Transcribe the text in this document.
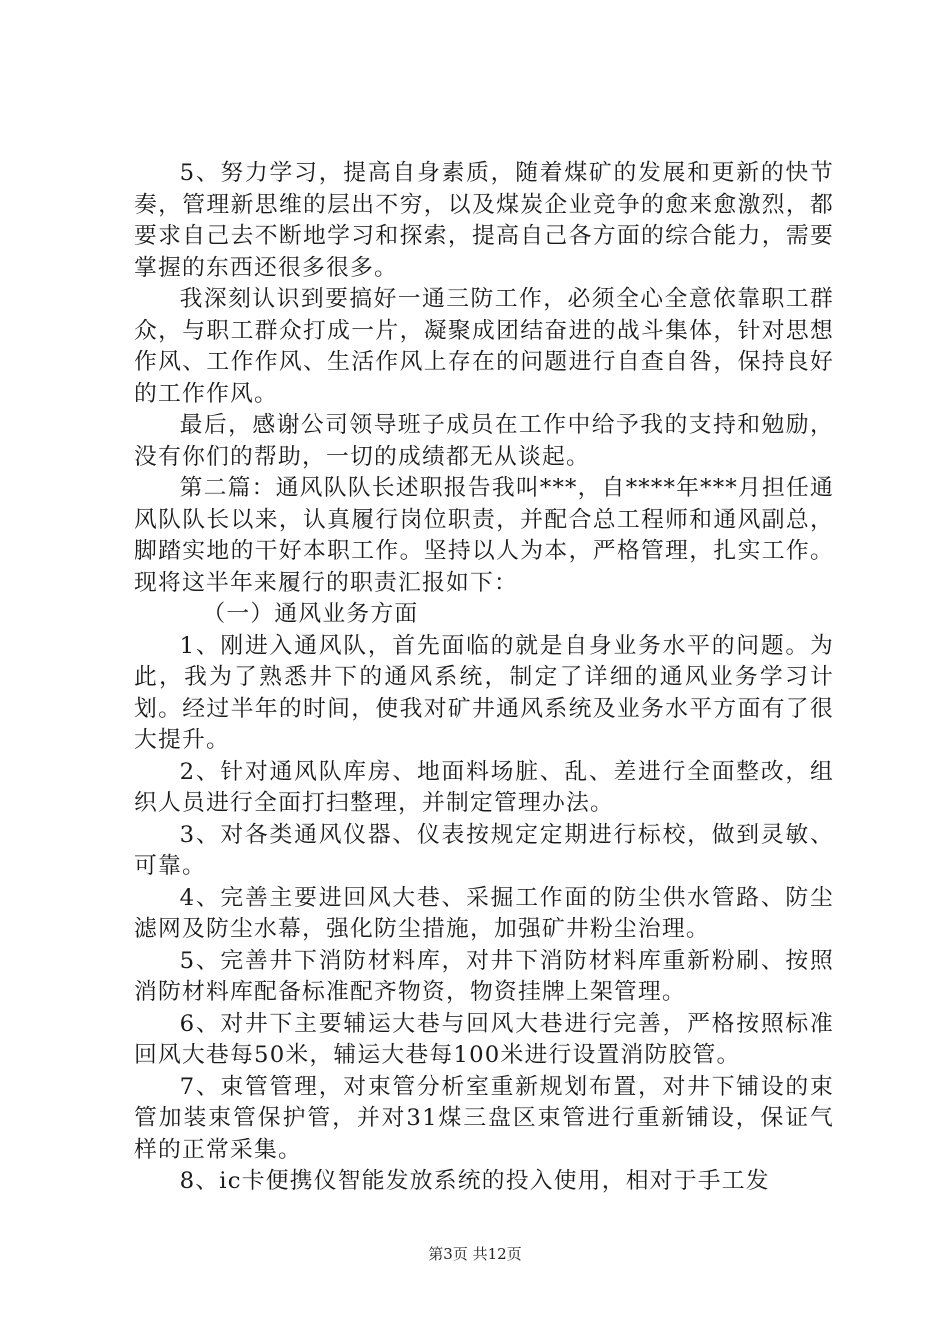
5、努力学习，提高自身素质，随着煤矿的发展和更新的快节奏，管理新思维的层出不穷，以及煤炭企业竞争的愈来愈激烈，都要求自己去不断地学习和探索，提高自己各方面的综合能力，需要掌握的东西还很多很多。

我深刻认识到要搞好一通三防工作，必须全心全意依靠职工群众，与职工群众打成一片，凝聚成团结奋进的战斗集体，针对思想作风、工作作风、生活作风上存在的问题进行自查自咎，保持良好的工作作风。

最后，感谢公司领导班子成员在工作中给予我的支持和勉励，没有你们的帮助，一切的成绩都无从谈起。

第二篇：通风队队长述职报告我叫***，自****年***月担任通风队队长以来，认真履行岗位职责，并配合总工程师和通风副总，脚踏实地的干好本职工作。坚持以人为本，严格管理，扎实工作。现将这半年来履行的职责汇报如下：

（一）通风业务方面

1、刚进入通风队，首先面临的就是自身业务水平的问题。为此，我为了熟悉井下的通风系统，制定了详细的通风业务学习计划。经过半年的时间，使我对矿井通风系统及业务水平方面有了很大提升。

2、针对通风队库房、地面料场脏、乱、差进行全面整改，组织人员进行全面打扫整理，并制定管理办法。

3、对各类通风仪器、仪表按规定定期进行标校，做到灵敏、可靠。

4、完善主要进回风大巷、采掘工作面的防尘供水管路、防尘滤网及防尘水幕，强化防尘措施，加强矿井粉尘治理。

5、完善井下消防材料库，对井下消防材料库重新粉刷、按照消防材料库配备标准配齐物资，物资挂牌上架管理。

6、对井下主要辅运大巷与回风大巷进行完善，严格按照标准回风大巷每50米，辅运大巷每100米进行设置消防胶管。

7、束管管理，对束管分析室重新规划布置，对井下铺设的束管加装束管保护管，并对31煤三盘区束管进行重新铺设，保证气样的正常采集。

8、ic卡便携仪智能发放系统的投入使用，相对于手工发

第3页 共12页
